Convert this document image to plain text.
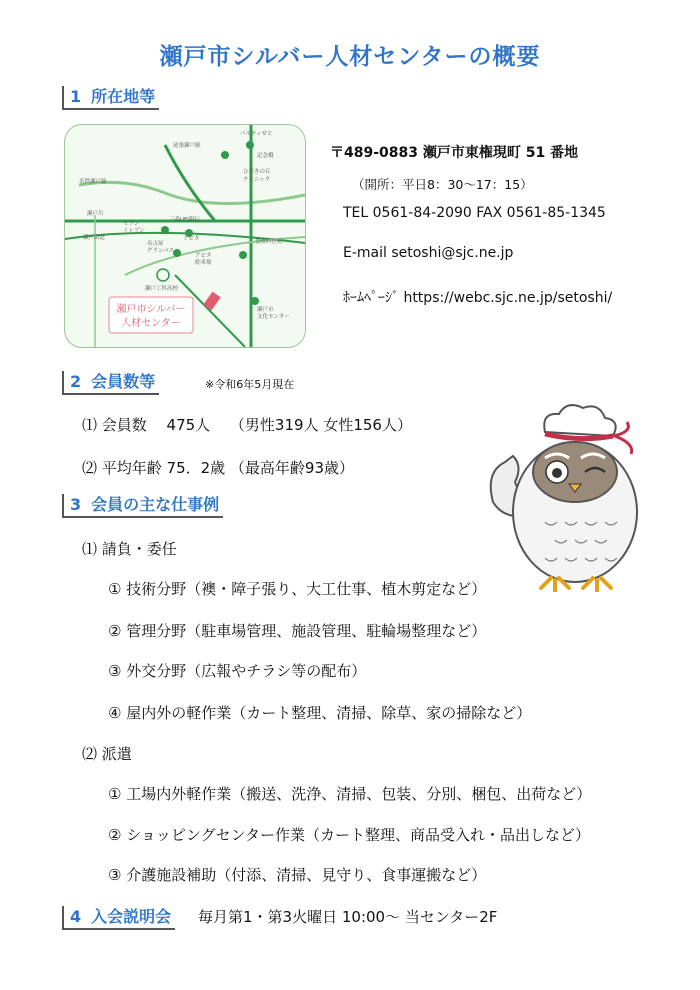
瀬戸市シルバー人材センターの概要
1 所在地等
パルティせと
尾張瀬戸駅
名鉄瀬戸線
記念橋
ひびきの丘
クリニック
瀬戸川
セブン
イレブン
三菱UFJ銀行
アピタ
瀬戸街道
名古屋
グランパス
アピタ
駐車場
瀬戸工科高校
瀬戸市
文化センター
豊根科医院
瀬戸市シルバー
人材センター
〒489-0883 瀬戸市東権現町 51 番地
（開所：平日8：30～17：15）
TEL 0561-84-2090 FAX 0561-85-1345
E-mail setoshi@sjc.ne.jp
ﾎｰﾑﾍﾟｰｼﾞ https://webc.sjc.ne.jp/setoshi/
2 会員数等	※令和6年5月現在
⑴ 会員数　 475人　 （男性319人 女性156人）
⑵ 平均年齢 75．2歳 （最高年齢93歳）
3 会員の主な仕事例
⑴ 請負・委任
① 技術分野（襖・障子張り、大工仕事、植木剪定など）
② 管理分野（駐車場管理、施設管理、駐輪場整理など）
③ 外交分野（広報やチラシ等の配布）
④ 屋内外の軽作業（カート整理、清掃、除草、家の掃除など）
⑵ 派遣
① 工場内外軽作業（搬送、洗浄、清掃、包装、分別、梱包、出荷など）
② ショッピングセンター作業（カート整理、商品受入れ・品出しなど）
③ 介護施設補助（付添、清掃、見守り、食事運搬など）
4 入会説明会 毎月第1・第3火曜日 10:00～ 当センター2F
